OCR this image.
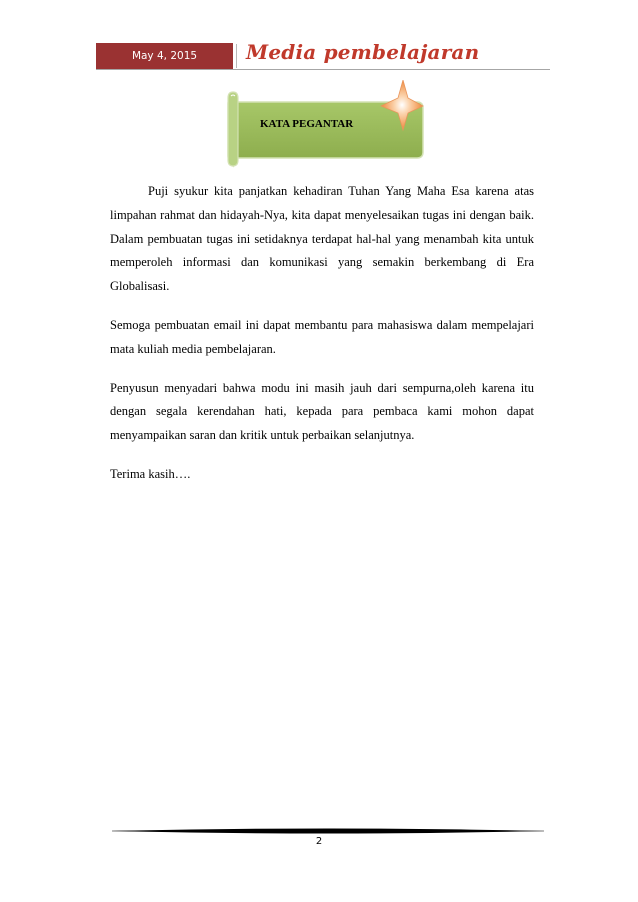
May 4, 2015	Media pembelajaran
KATA PEGANTAR

Puji syukur kita panjatkan kehadiran Tuhan Yang Maha Esa karena atas limpahan rahmat dan hidayah-Nya, kita dapat menyelesaikan tugas ini dengan baik. Dalam pembuatan tugas ini setidaknya terdapat hal-hal yang menambah kita untuk memperoleh informasi dan komunikasi yang semakin berkembang di Era Globalisasi.

Semoga pembuatan email ini dapat membantu para mahasiswa dalam mempelajari mata kuliah media pembelajaran.

Penyusun menyadari bahwa modu ini masih jauh dari sempurna,oleh karena itu dengan segala kerendahan hati, kepada para pembaca kami mohon dapat menyampaikan saran dan kritik untuk perbaikan selanjutnya.

Terima kasih….

2
